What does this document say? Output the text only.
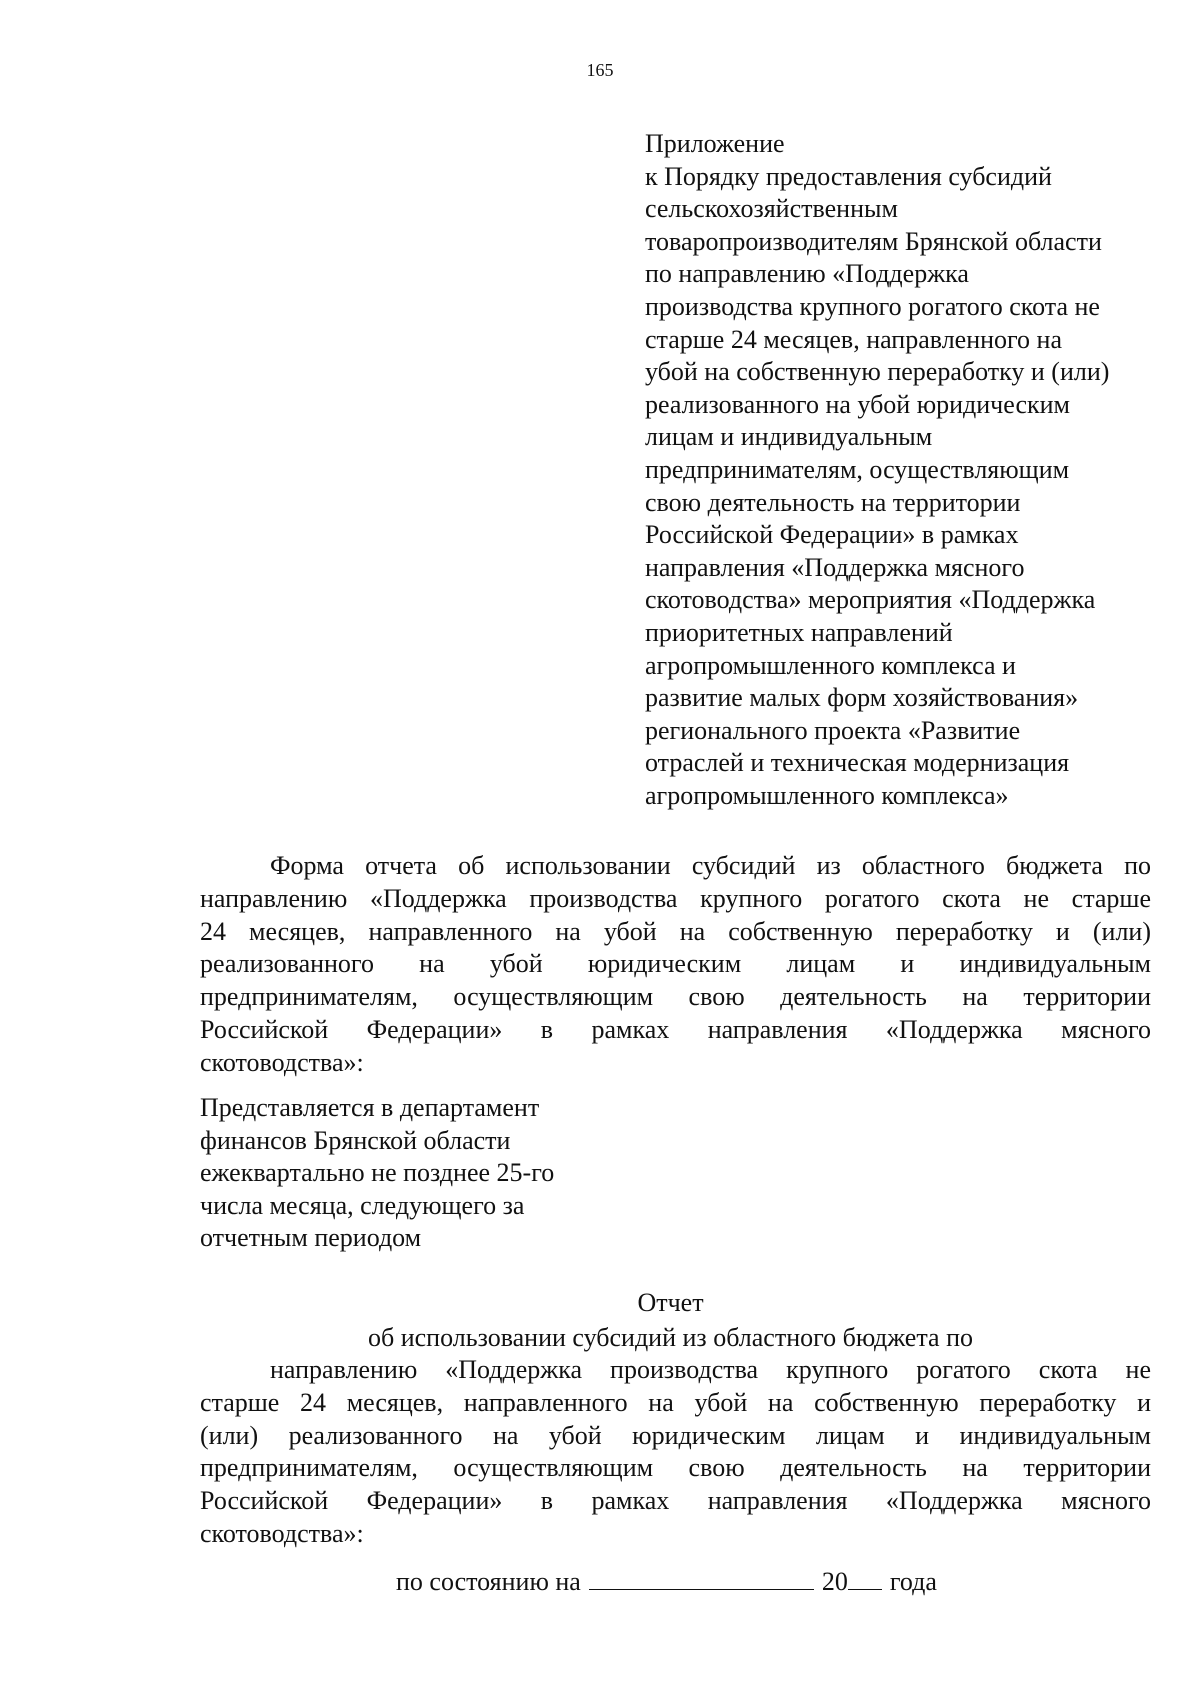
165
Приложение
к Порядку предоставления субсидий
сельскохозяйственным
товаропроизводителям Брянской области
по направлению «Поддержка
производства крупного рогатого скота не
старше 24 месяцев, направленного на
убой на собственную переработку и (или)
реализованного на убой юридическим
лицам и индивидуальным
предпринимателям, осуществляющим
свою деятельность на территории
Российской Федерации» в рамках
направления «Поддержка мясного
скотоводства» мероприятия «Поддержка
приоритетных направлений
агропромышленного комплекса и
развитие малых форм хозяйствования»
регионального проекта «Развитие
отраслей и техническая модернизация
агропромышленного комплекса»
Форма отчета об использовании субсидий из областного бюджета по
направлению «Поддержка производства крупного рогатого скота не старше
24 месяцев, направленного на убой на собственную переработку и (или)
реализованного на убой юридическим лицам и индивидуальным
предпринимателям, осуществляющим свою деятельность на территории
Российской Федерации» в рамках направления «Поддержка мясного
скотоводства»:
Представляется в департамент
финансов Брянской области
ежеквартально не позднее 25-го
числа месяца, следующего за
отчетным периодом
Отчет
об использовании субсидий из областного бюджета по
направлению «Поддержка производства крупного рогатого скота не
старше 24 месяцев, направленного на убой на собственную переработку и
(или) реализованного на убой юридическим лицам и индивидуальным
предпринимателям, осуществляющим свою деятельность на территории
Российской Федерации» в рамках направления «Поддержка мясного
скотоводства»:
по состоянию на	20 года
